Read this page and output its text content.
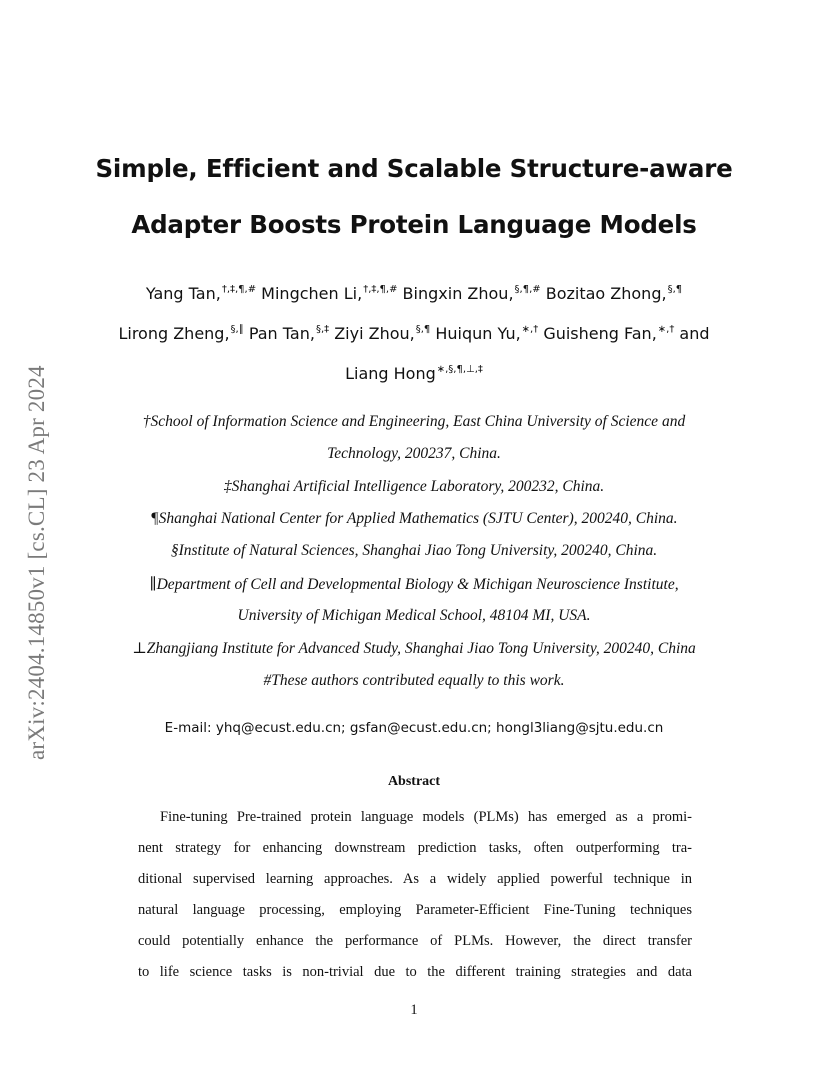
arXiv:2404.14850v1 [cs.CL] 23 Apr 2024
Simple, Efficient and Scalable Structure-aware
Adapter Boosts Protein Language Models
Yang Tan,†,‡,¶,# Mingchen Li,†,‡,¶,# Bingxin Zhou,§,¶,# Bozitao Zhong,§,¶
Lirong Zheng,§,∥ Pan Tan,§,‡ Ziyi Zhou,§,¶ Huiqun Yu,∗,† Guisheng Fan,∗,† and
Liang Hong∗,§,¶,⊥,‡
†School of Information Science and Engineering, East China University of Science and
Technology, 200237, China.
‡Shanghai Artificial Intelligence Laboratory, 200232, China.
¶Shanghai National Center for Applied Mathematics (SJTU Center), 200240, China.
§Institute of Natural Sciences, Shanghai Jiao Tong University, 200240, China.
∥Department of Cell and Developmental Biology & Michigan Neuroscience Institute,
University of Michigan Medical School, 48104 MI, USA.
⊥Zhangjiang Institute for Advanced Study, Shanghai Jiao Tong University, 200240, China
#These authors contributed equally to this work.
E-mail: yhq@ecust.edu.cn; gsfan@ecust.edu.cn; hongl3liang@sjtu.edu.cn
Abstract
Fine-tuning Pre-trained protein language models (PLMs) has emerged as a promi-
nent strategy for enhancing downstream prediction tasks, often outperforming tra-
ditional supervised learning approaches. As a widely applied powerful technique in
natural language processing, employing Parameter-Efficient Fine-Tuning techniques
could potentially enhance the performance of PLMs. However, the direct transfer
to life science tasks is non-trivial due to the different training strategies and data
1
